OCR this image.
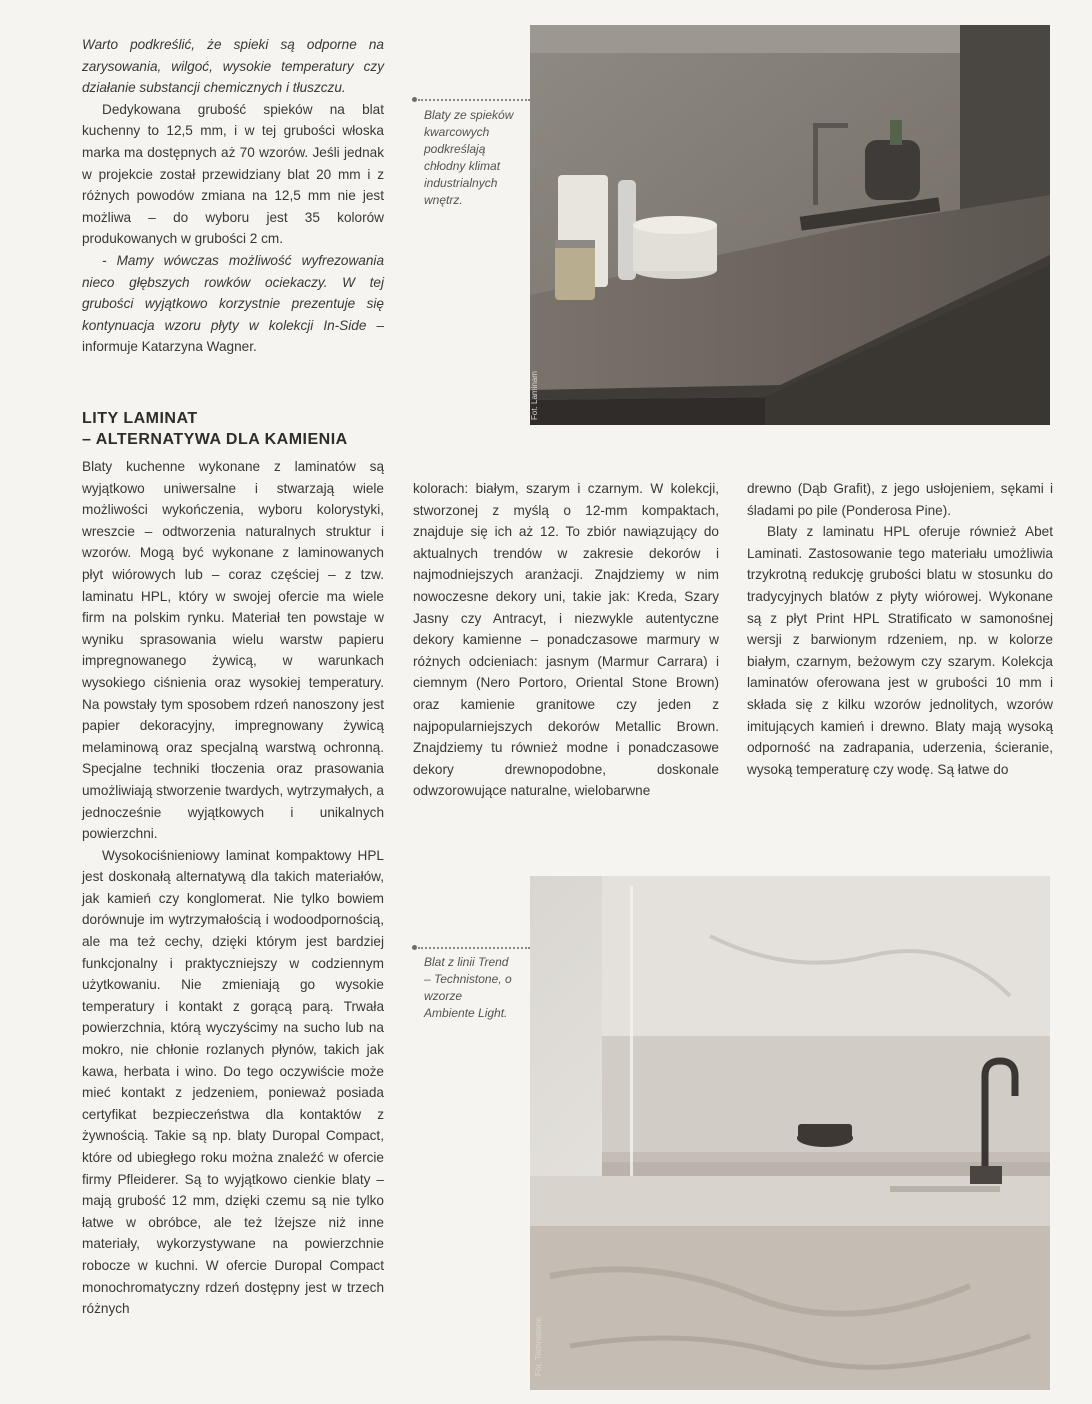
Warto podkreślić, że spieki są odporne na zarysowania, wilgoć, wysokie temperatury czy działanie substancji chemicznych i tłuszczu.

Dedykowana grubość spieków na blat kuchenny to 12,5 mm, i w tej grubości włoska marka ma dostępnych aż 70 wzorów. Jeśli jednak w projekcie został przewidziany blat 20 mm i z różnych powodów zmiana na 12,5 mm nie jest możliwa – do wyboru jest 35 kolorów produkowanych w grubości 2 cm.

- Mamy wówczas możliwość wyfrezowania nieco głębszych rowków ociekaczy. W tej grubości wyjątkowo korzystnie prezentuje się kontynuacja wzoru płyty w kolekcji In-Side – informuje Katarzyna Wagner.

LITY LAMINAT
– ALTERNATYWA DLA KAMIENIA

Blaty kuchenne wykonane z laminatów są wyjątkowo uniwersalne i stwarzają wiele możliwości wykończenia, wyboru kolorystyki, wreszcie – odtworzenia naturalnych struktur i wzorów. Mogą być wykonane z laminowanych płyt wiórowych lub – coraz częściej – z tzw. laminatu HPL, który w swojej ofercie ma wiele firm na polskim rynku. Materiał ten powstaje w wyniku sprasowania wielu warstw papieru impregnowanego żywicą, w warunkach wysokiego ciśnienia oraz wysokiej temperatury. Na powstały tym sposobem rdzeń nanoszony jest papier dekoracyjny, impregnowany żywicą melaminową oraz specjalną warstwą ochronną. Specjalne techniki tłoczenia oraz prasowania umożliwiają stworzenie twardych, wytrzymałych, a jednocześnie wyjątkowych i unikalnych powierzchni.

Wysokociśnieniowy laminat kompaktowy HPL jest doskonałą alternatywą dla takich materiałów, jak kamień czy konglomerat. Nie tylko bowiem dorównuje im wytrzymałością i wodoodpornością, ale ma też cechy, dzięki którym jest bardziej funkcjonalny i praktyczniejszy w codziennym użytkowaniu. Nie zmieniają go wysokie temperatury i kontakt z gorącą parą. Trwała powierzchnia, którą wyczyścimy na sucho lub na mokro, nie chłonie rozlanych płynów, takich jak kawa, herbata i wino. Do tego oczywiście może mieć kontakt z jedzeniem, ponieważ posiada certyfikat bezpieczeństwa dla kontaktów z żywnością. Takie są np. blaty Duropal Compact, które od ubiegłego roku można znaleźć w ofercie firmy Pfleiderer. Są to wyjątkowo cienkie blaty – mają grubość 12 mm, dzięki czemu są nie tylko łatwe w obróbce, ale też lżejsze niż inne materiały, wykorzystywane na powierzchnie robocze w kuchni. W ofercie Duropal Compact monochromatyczny rdzeń dostępny jest w trzech różnych

kolorach: białym, szarym i czarnym. W kolekcji, stworzonej z myślą o 12-mm kompaktach, znajduje się ich aż 12. To zbiór nawiązujący do aktualnych trendów w zakresie dekorów i najmodniejszych aranżacji. Znajdziemy w nim nowoczesne dekory uni, takie jak: Kreda, Szary Jasny czy Antracyt, i niezwykle autentyczne dekory kamienne – ponadczasowe marmury w różnych odcieniach: jasnym (Marmur Carrara) i ciemnym (Nero Portoro, Oriental Stone Brown) oraz kamienie granitowe czy jeden z najpopularniejszych dekorów Metallic Brown. Znajdziemy tu również modne i ponadczasowe dekory drewnopodobne, doskonale odwzorowujące naturalne, wielobarwne

drewno (Dąb Grafit), z jego usłojeniem, sękami i śladami po pile (Ponderosa Pine).

Blaty z laminatu HPL oferuje również Abet Laminati. Zastosowanie tego materiału umożliwia trzykrotną redukcję grubości blatu w stosunku do tradycyjnych blatów z płyty wiórowej. Wykonane są z płyt Print HPL Stratificato w samonośnej wersji z barwionym rdzeniem, np. w kolorze białym, czarnym, beżowym czy szarym. Kolekcja laminatów oferowana jest w grubości 10 mm i składa się z kilku wzorów jednolitych, wzorów imitujących kamień i drewno. Blaty mają wysoką odporność na zadrapania, uderzenia, ścieranie, wysoką temperaturę czy wodę. Są łatwe do

Fot. Laminam
Blaty ze spieków kwarcowych podkreślają chłodny klimat industrialnych wnętrz.
Fot. Technistone
Blat z linii Trend – Technistone, o wzorze Ambiente Light.
